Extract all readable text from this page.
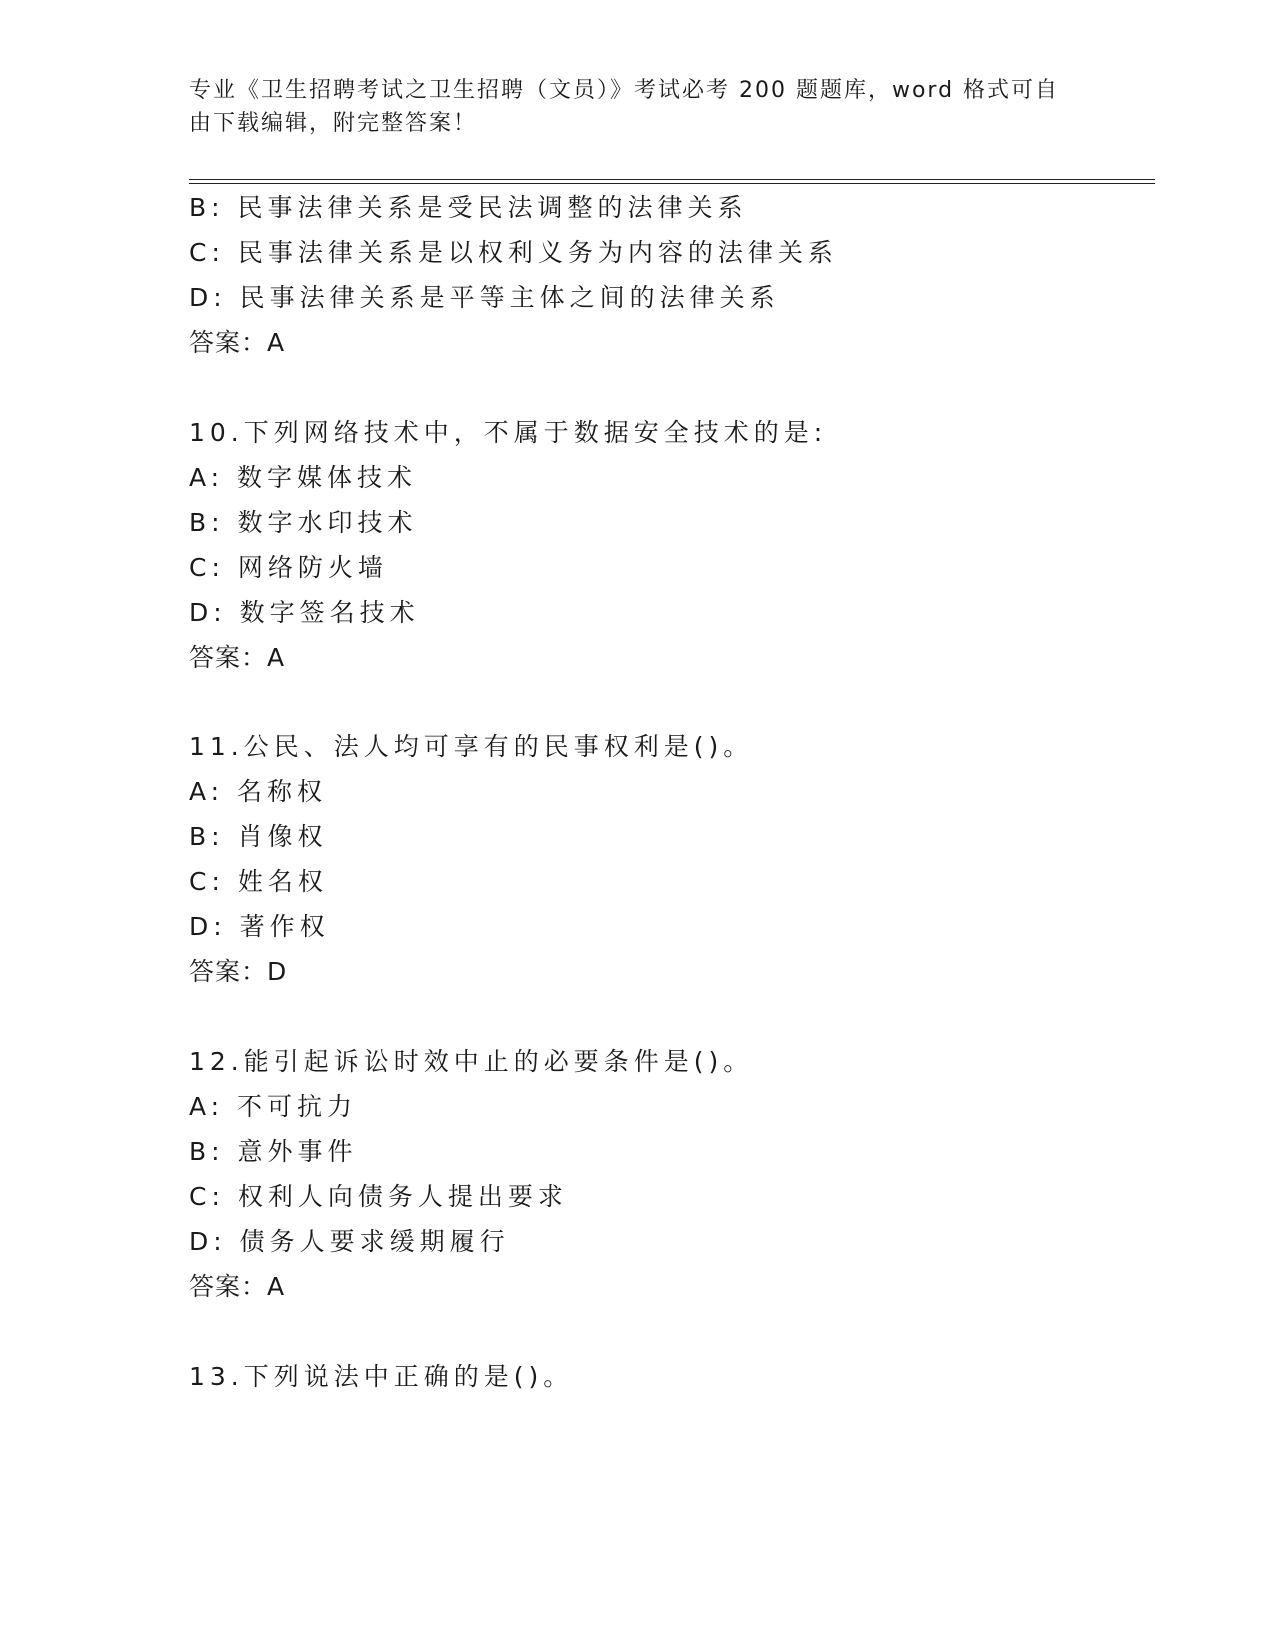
专业《卫生招聘考试之卫生招聘（文员）》考试必考 200 题题库，word 格式可自
由下载编辑，附完整答案！
B: 民事法律关系是受民法调整的法律关系
C: 民事法律关系是以权利义务为内容的法律关系
D: 民事法律关系是平等主体之间的法律关系
答案：A
10.下列网络技术中，不属于数据安全技术的是:
A: 数字媒体技术
B: 数字水印技术
C: 网络防火墙
D: 数字签名技术
答案：A
11.公民、法人均可享有的民事权利是()。
A: 名称权
B: 肖像权
C: 姓名权
D: 著作权
答案：D
12.能引起诉讼时效中止的必要条件是()。
A: 不可抗力
B: 意外事件
C: 权利人向债务人提出要求
D: 债务人要求缓期履行
答案：A
13.下列说法中正确的是()。
